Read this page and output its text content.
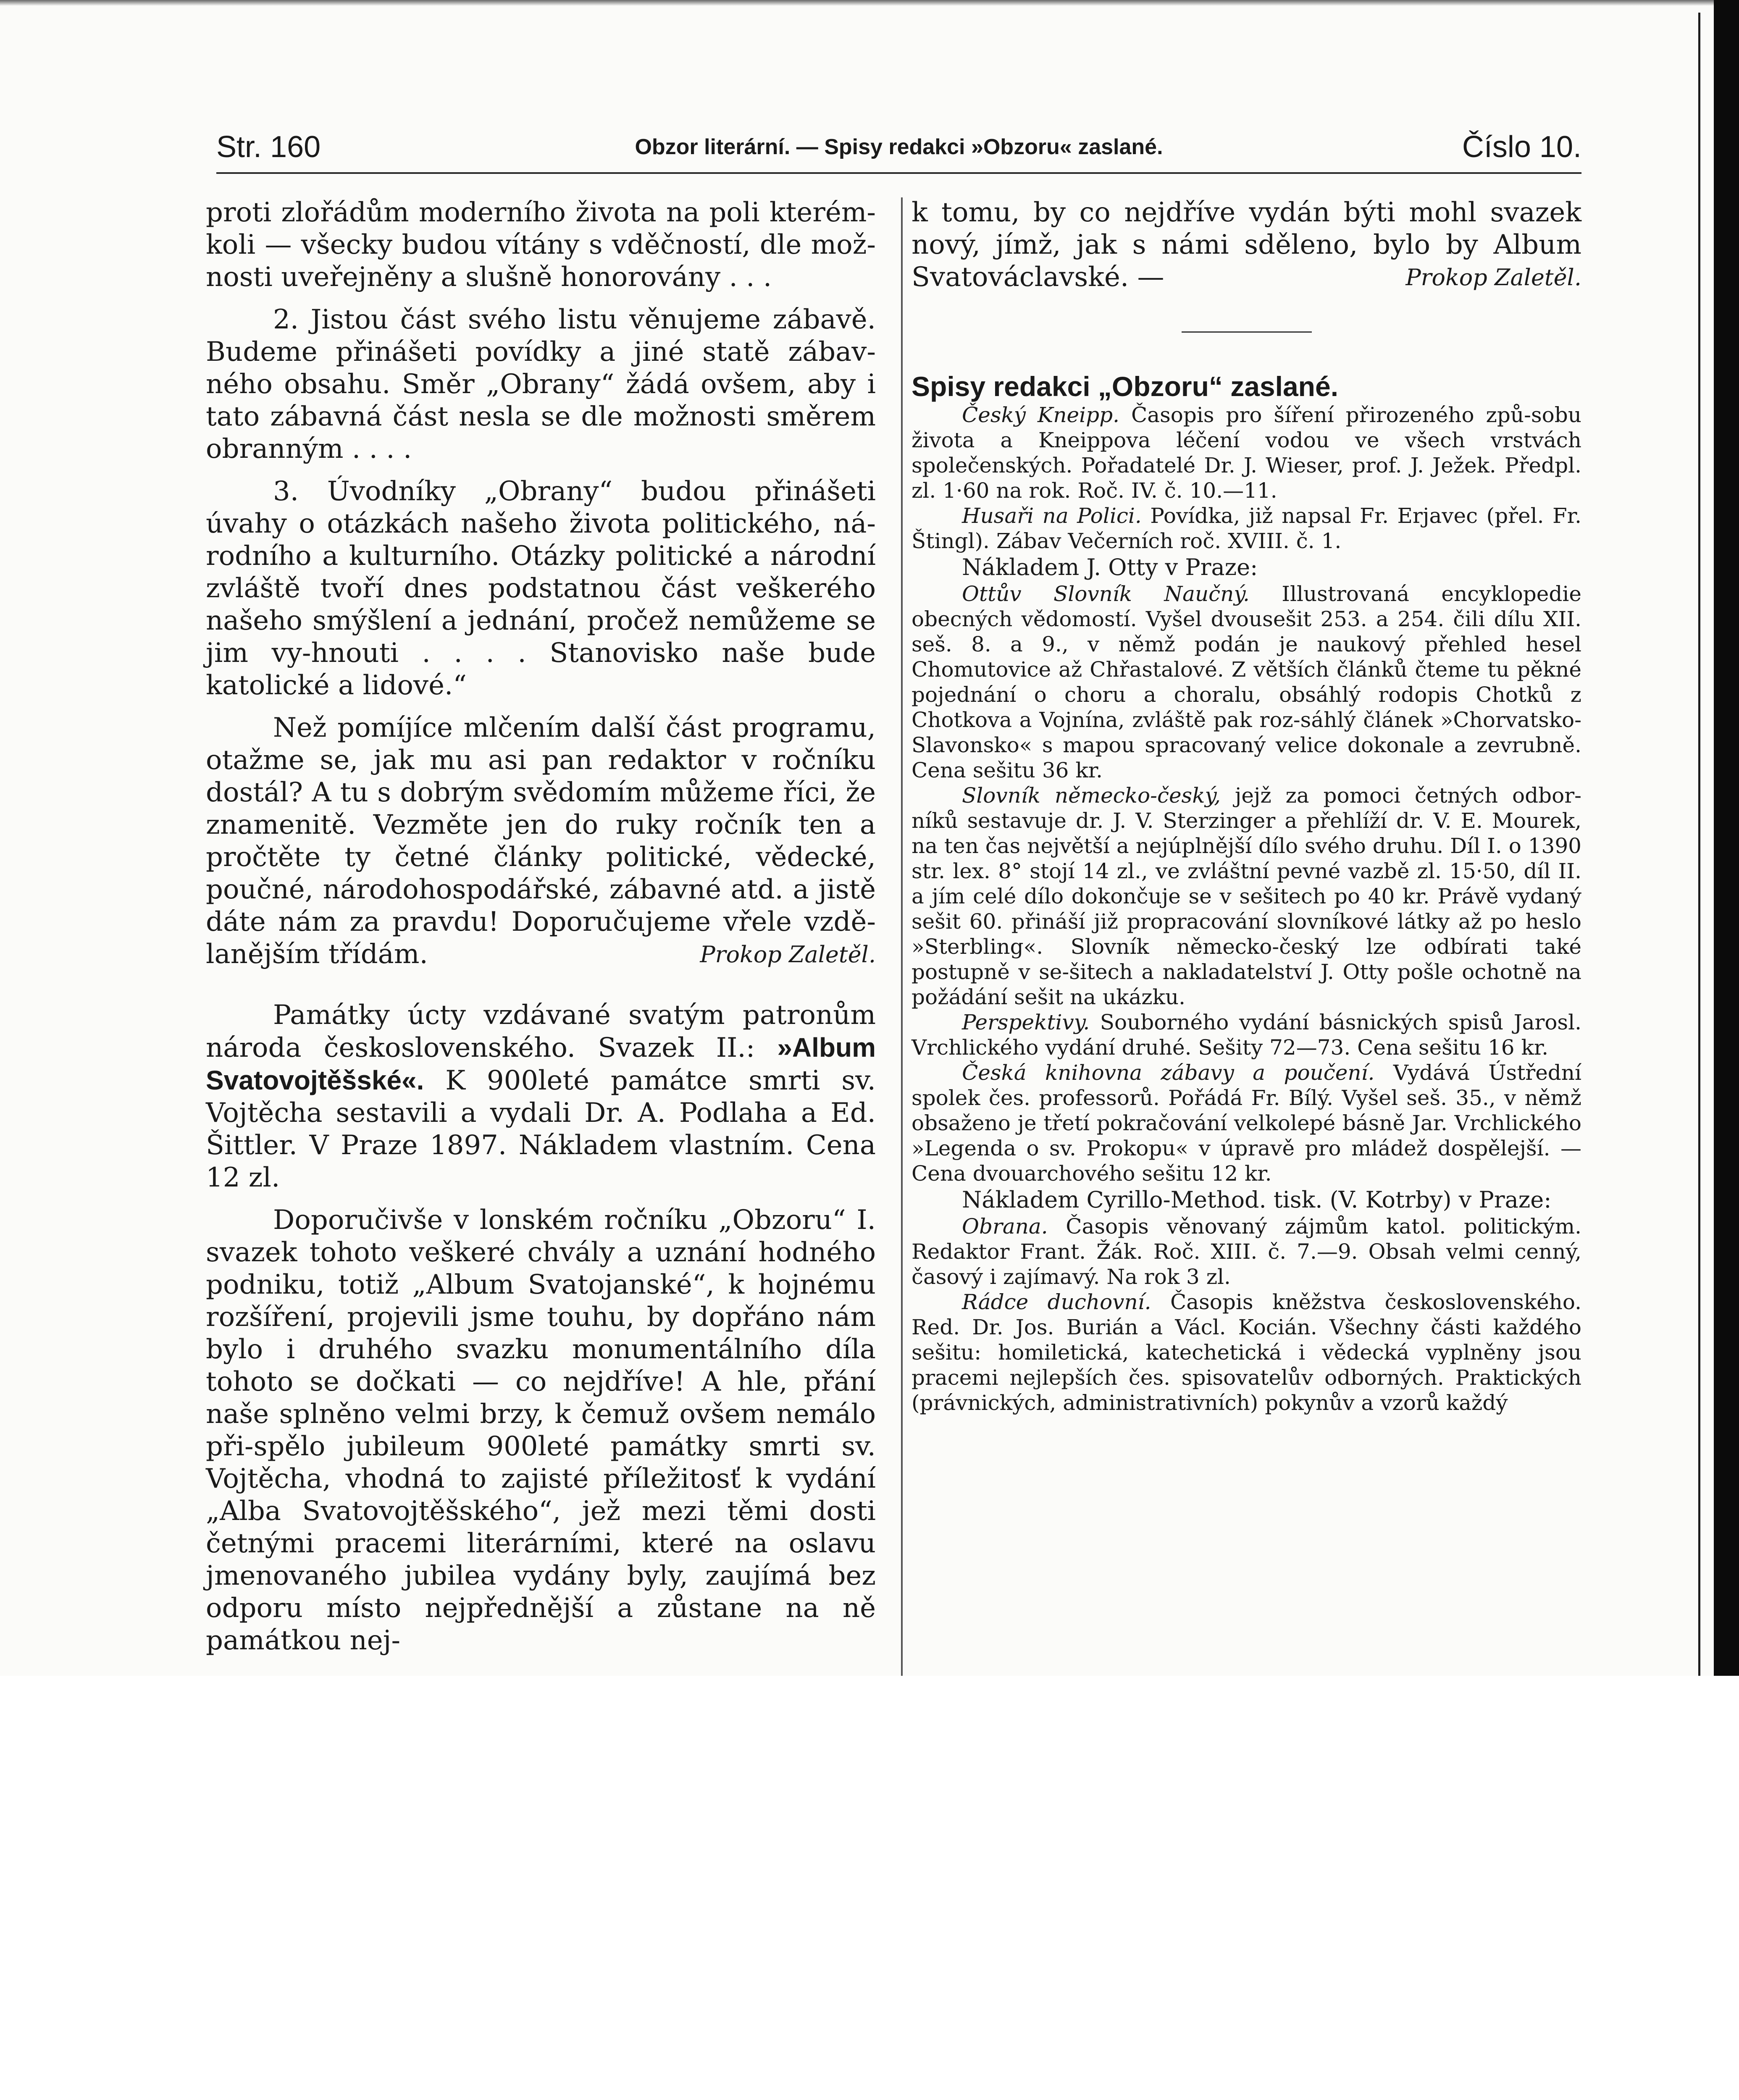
Str. 160	Obzor literární. — Spisy redakci »Obzoru« zaslané.	Číslo 10.

proti zlořádům moderního života na poli kterém-koli — všecky budou vítány s vděčností, dle mož-nosti uveřejněny a slušně honorovány . . .

2. Jistou část svého listu věnujeme zábavě. Budeme přinášeti povídky a jiné statě zábav-ného obsahu. Směr „Obrany“ žádá ovšem, aby i tato zábavná část nesla se dle možnosti směrem obranným . . . .

3. Úvodníky „Obrany“ budou přinášeti úvahy o otázkách našeho života politického, ná-rodního a kulturního. Otázky politické a národní zvláště tvoří dnes podstatnou část veškerého našeho smýšlení a jednání, pročež nemůžeme se jim vy-hnouti . . . . Stanovisko naše bude katolické a lidové.“

Než pomíjíce mlčením další část programu, otažme se, jak mu asi pan redaktor v ročníku dostál? A tu s dobrým svědomím můžeme říci, že znamenitě. Vezměte jen do ruky ročník ten a pročtěte ty četné články politické, vědecké, poučné, národohospodářské, zábavné atd. a jistě dáte nám za pravdu! Doporučujeme vřele vzdě-lanějším třídám.	Prokop Zaletěl.

Památky úcty vzdávané svatým patronům národa československého. Svazek II.: »Album Svatovojtěšské«. K 900leté památce smrti sv. Vojtěcha sestavili a vydali Dr. A. Podlaha a Ed. Šittler. V Praze 1897. Nákladem vlastním. Cena 12 zl.

Doporučivše v lonském ročníku „Obzoru“ I. svazek tohoto veškeré chvály a uznání hodného podniku, totiž „Album Svatojanské“, k hojnému rozšíření, projevili jsme touhu, by dopřáno nám bylo i druhého svazku monumentálního díla tohoto se dočkati — co nejdříve! A hle, přání naše splněno velmi brzy, k čemuž ovšem nemálo při-spělo jubileum 900leté památky smrti sv. Vojtěcha, vhodná to zajisté příležitosť k vydání „Alba Svatovojtěšského“, jež mezi těmi dosti četnými pracemi literárními, které na oslavu jmenovaného jubilea vydány byly, zaujímá bez odporu místo nejpřednější a zůstane na ně památkou nej-

k tomu, by co nejdříve vydán býti mohl svazek nový, jímž, jak s námi sděleno, bylo by Album Svatováclavské. —	Prokop Zaletěl.

Spisy redakci „Obzoru“ zaslané.

Český Kneipp. Časopis pro šíření přirozeného způ-sobu života a Kneippova léčení vodou ve všech vrstvách společenských. Pořadatelé Dr. J. Wieser, prof. J. Ježek. Předpl. zl. 1·60 na rok. Roč. IV. č. 10.—11.

Husaři na Polici. Povídka, již napsal Fr. Erjavec (přel. Fr. Štingl). Zábav Večerních roč. XVIII. č. 1.

Nákladem J. Otty v Praze:

Ottův Slovník Naučný. Illustrovaná encyklopedie obecných vědomostí. Vyšel dvousešit 253. a 254. čili dílu XII. seš. 8. a 9., v němž podán je naukový přehled hesel Chomutovice až Chřastalové. Z větších článků čteme tu pěkné pojednání o choru a choralu, obsáhlý rodopis Chotků z Chotkova a Vojnína, zvláště pak roz-sáhlý článek »Chorvatsko-Slavonsko« s mapou spracovaný velice dokonale a zevrubně. Cena sešitu 36 kr.

Slovník německo-český, jejž za pomoci četných odbor-níků sestavuje dr. J. V. Sterzinger a přehlíží dr. V. E. Mourek, na ten čas největší a nejúplnější dílo svého druhu. Díl I. o 1390 str. lex. 8° stojí 14 zl., ve zvláštní pevné vazbě zl. 15·50, díl II. a jím celé dílo dokončuje se v sešitech po 40 kr. Právě vydaný sešit 60. přináší již propracování slovníkové látky až po heslo »Sterbling«. Slovník německo-český lze odbírati také postupně v se-šitech a nakladatelství J. Otty pošle ochotně na požádání sešit na ukázku.

Perspektivy. Souborného vydání básnických spisů Jarosl. Vrchlického vydání druhé. Sešity 72—73. Cena sešitu 16 kr.

Česká knihovna zábavy a poučení. Vydává Ústřední spolek čes. professorů. Pořádá Fr. Bílý. Vyšel seš. 35., v němž obsaženo je třetí pokračování velkolepé básně Jar. Vrchlického »Legenda o sv. Prokopu« v úpravě pro mládež dospělejší. — Cena dvouarchového sešitu 12 kr.

Nákladem Cyrillo-Method. tisk. (V. Kotrby) v Praze:

Obrana. Časopis věnovaný zájmům katol. politickým. Redaktor Frant. Žák. Roč. XIII. č. 7.—9. Obsah velmi cenný, časový i zajímavý. Na rok 3 zl.

Rádce duchovní. Časopis kněžstva československého. Red. Dr. Jos. Burián a Václ. Kocián. Všechny části každého sešitu: homiletická, katechetická i vědecká vyplněny jsou pracemi nejlepších čes. spisovatelův odborných. Praktických (právnických, administrativních) pokynův a vzorů každý
